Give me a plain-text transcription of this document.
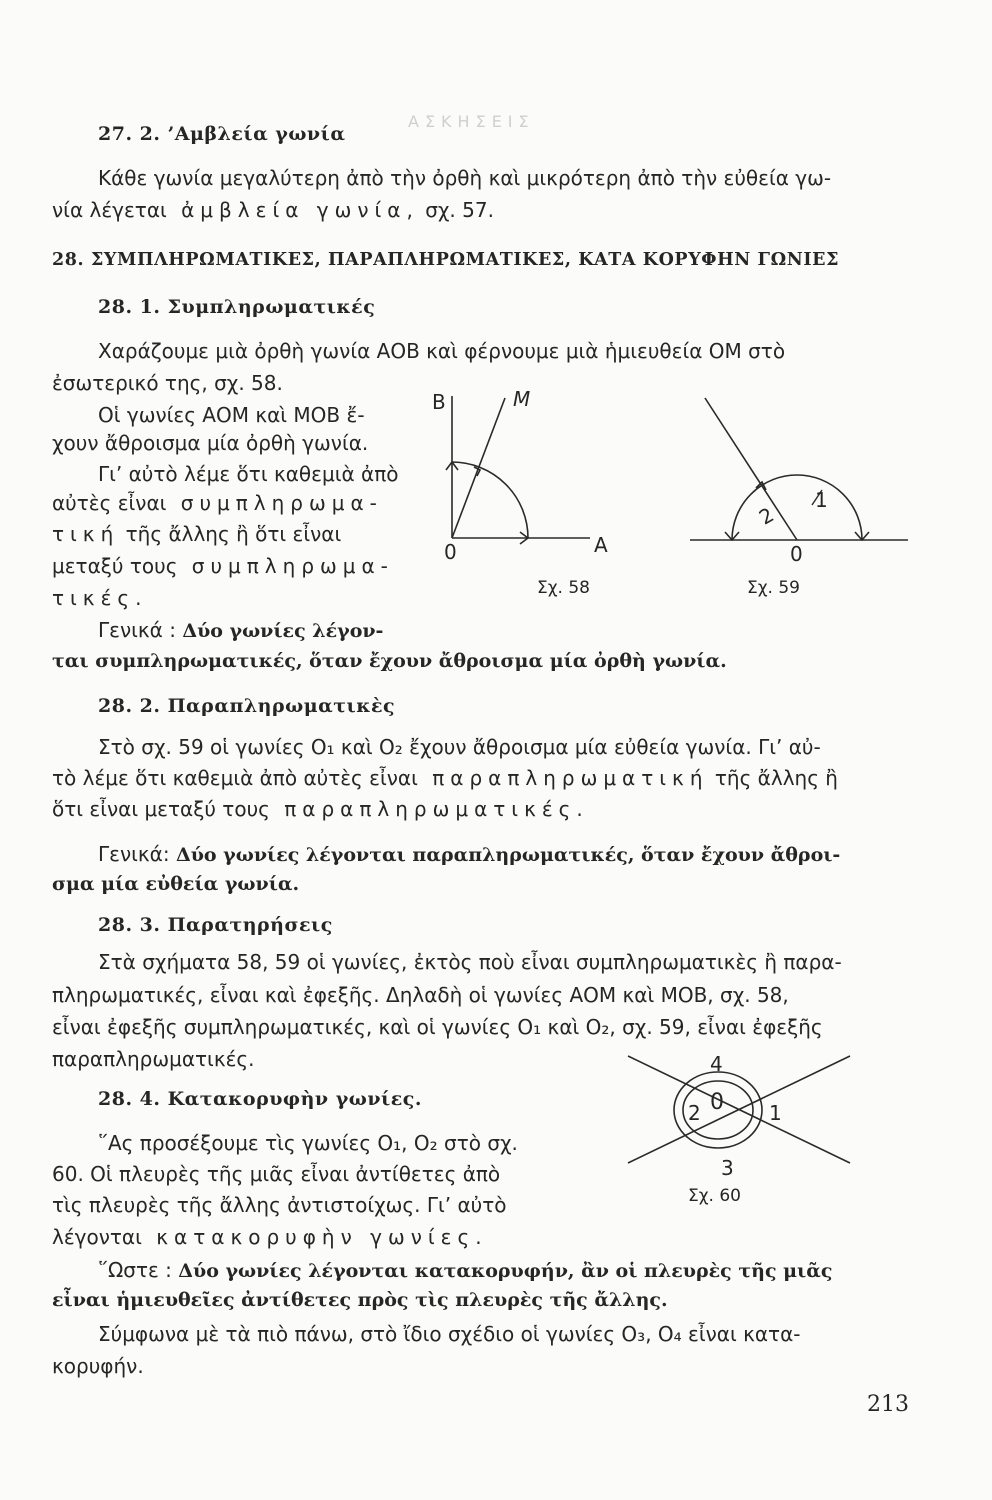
ΑΣΚΗΣΕΙΣ
27. 2. ’Αμβλεία γωνία
Κάθε γωνία μεγαλύτερη ἀπὸ τὴν ὀρθὴ καὶ μικρότερη ἀπὸ τὴν εὐθεία γω-
νία λέγεται ἀμβλεία γωνία, σχ. 57.
28. ΣΥΜΠΛΗΡΩΜΑΤΙΚΕΣ, ΠΑΡΑΠΛΗΡΩΜΑΤΙΚΕΣ, ΚΑΤΑ ΚΟΡΥΦΗΝ ΓΩΝΙΕΣ
28. 1. Συμπληρωματικές
Χαράζουμε μιὰ ὀρθὴ γωνία ΑΟΒ καὶ φέρνουμε μιὰ ἡμιευθεία ΟΜ στὸ
ἐσωτερικό της, σχ. 58.
Οἱ γωνίες ΑΟΜ καὶ ΜΟΒ ἔ-
χουν ἄθροισμα μία ὀρθὴ γωνία.
Γι’ αὐτὸ λέμε ὅτι καθεμιὰ ἀπὸ
αὐτὲς εἶναι συμπληρωμα-
τική τῆς ἄλλης ἢ ὅτι εἶναι
μεταξύ τους συμπληρωμα-
τικές.
Γενικά : Δύο γωνίες λέγον-
ται συμπληρωματικές, ὅταν ἔχουν ἄθροισμα μία ὀρθὴ γωνία.
28. 2. Παραπληρωματικὲς
Στὸ σχ. 59 οἱ γωνίες Ο₁ καὶ Ο₂ ἔχουν ἄθροισμα μία εὐθεία γωνία. Γι’ αὐ-
τὸ λέμε ὅτι καθεμιὰ ἀπὸ αὐτὲς εἶναι παραπληρωματική τῆς ἄλλης ἢ
ὅτι εἶναι μεταξύ τους παραπληρωματικές.
Γενικά: Δύο γωνίες λέγονται παραπληρωματικές, ὅταν ἔχουν ἄθροι-
σμα μία εὐθεία γωνία.
28. 3. Παρατηρήσεις
Στὰ σχήματα 58, 59 οἱ γωνίες, ἐκτὸς ποὺ εἶναι συμπληρωματικὲς ἢ παρα-
πληρωματικές, εἶναι καὶ ἐφεξῆς. Δηλαδὴ οἱ γωνίες ΑΟΜ καὶ ΜΟΒ, σχ. 58,
εἶναι ἐφεξῆς συμπληρωματικές, καὶ οἱ γωνίες Ο₁ καὶ Ο₂, σχ. 59, εἶναι ἐφεξῆς
παραπληρωματικές.
28. 4. Κατακορυφὴν γωνίες.
῞Ας προσέξουμε τὶς γωνίες Ο₁, Ο₂ στὸ σχ.
60. Οἱ πλευρὲς τῆς μιᾶς εἶναι ἀντίθετες ἀπὸ
τὶς πλευρὲς τῆς ἄλλης ἀντιστοίχως. Γι’ αὐτὸ
λέγονται κατακορυφὴν γωνίες.
῞Ωστε : Δύο γωνίες λέγονται κατακορυφήν, ἂν οἱ πλευρὲς τῆς μιᾶς
εἶναι ἡμιευθεῖες ἀντίθετες πρὸς τὶς πλευρὲς τῆς ἄλλης.
Σύμφωνα μὲ τὰ πιὸ πάνω, στὸ ἴδιο σχέδιο οἱ γωνίες Ο₃, Ο₄ εἶναι κατα-
κορυφήν.
B	M
0	A
Σχ. 58
1
2
0
Σχ. 59
4
0
2	1
3
Σχ. 60
213
